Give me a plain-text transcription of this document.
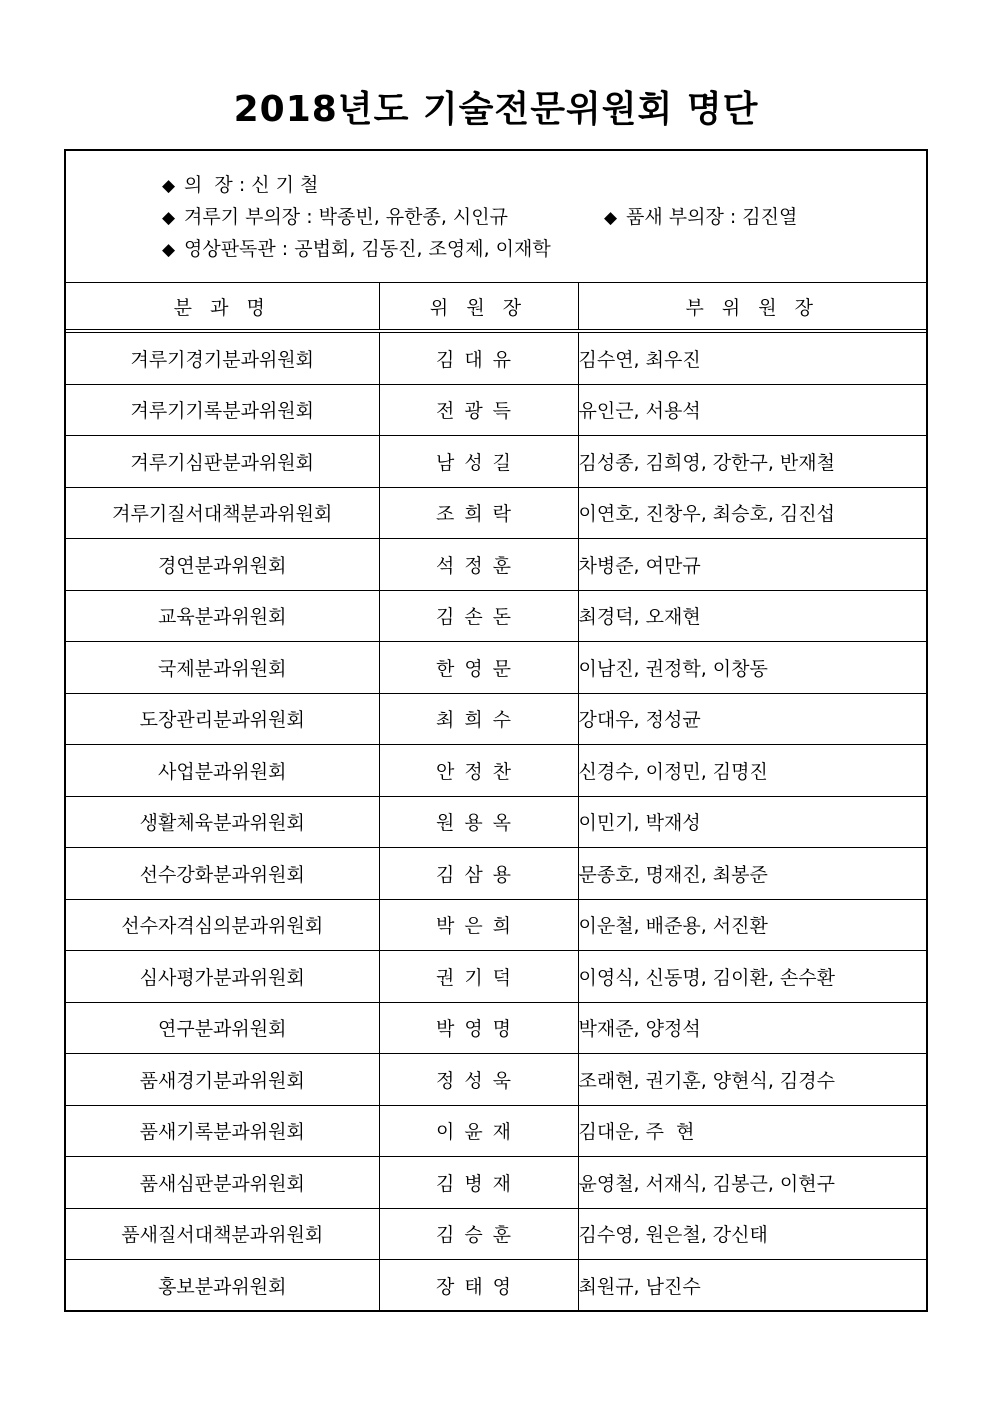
2018년도 기술전문위원회 명단
◆ 의  장 : 신 기 철
◆ 겨루기 부의장 : 박종빈, 유한종, 시인규	◆ 품새 부의장 : 김진열
◆ 영상판독관 : 공법회, 김동진, 조영제, 이재학
분 과 명	위 원 장	부 위 원 장
겨루기경기분과위원회	김대유	김수연, 최우진
겨루기기록분과위원회	전광득	유인근, 서용석
겨루기심판분과위원회	남성길	김성종, 김희영, 강한구, 반재철
겨루기질서대책분과위원회	조희락	이연호, 진창우, 최승호, 김진섭
경연분과위원회	석정훈	차병준, 여만규
교육분과위원회	김손돈	최경덕, 오재현
국제분과위원회	한영문	이남진, 권정학, 이창동
도장관리분과위원회	최희수	강대우, 정성균
사업분과위원회	안정찬	신경수, 이정민, 김명진
생활체육분과위원회	원용옥	이민기, 박재성
선수강화분과위원회	김삼용	문종호, 명재진, 최봉준
선수자격심의분과위원회	박은희	이운철, 배준용, 서진환
심사평가분과위원회	권기덕	이영식, 신동명, 김이환, 손수환
연구분과위원회	박영명	박재준, 양정석
품새경기분과위원회	정성욱	조래현, 권기훈, 양현식, 김경수
품새기록분과위원회	이윤재	김대운, 주  현
품새심판분과위원회	김병재	윤영철, 서재식, 김봉근, 이현구
품새질서대책분과위원회	김승훈	김수영, 원은철, 강신태
홍보분과위원회	장태영	최원규, 남진수
